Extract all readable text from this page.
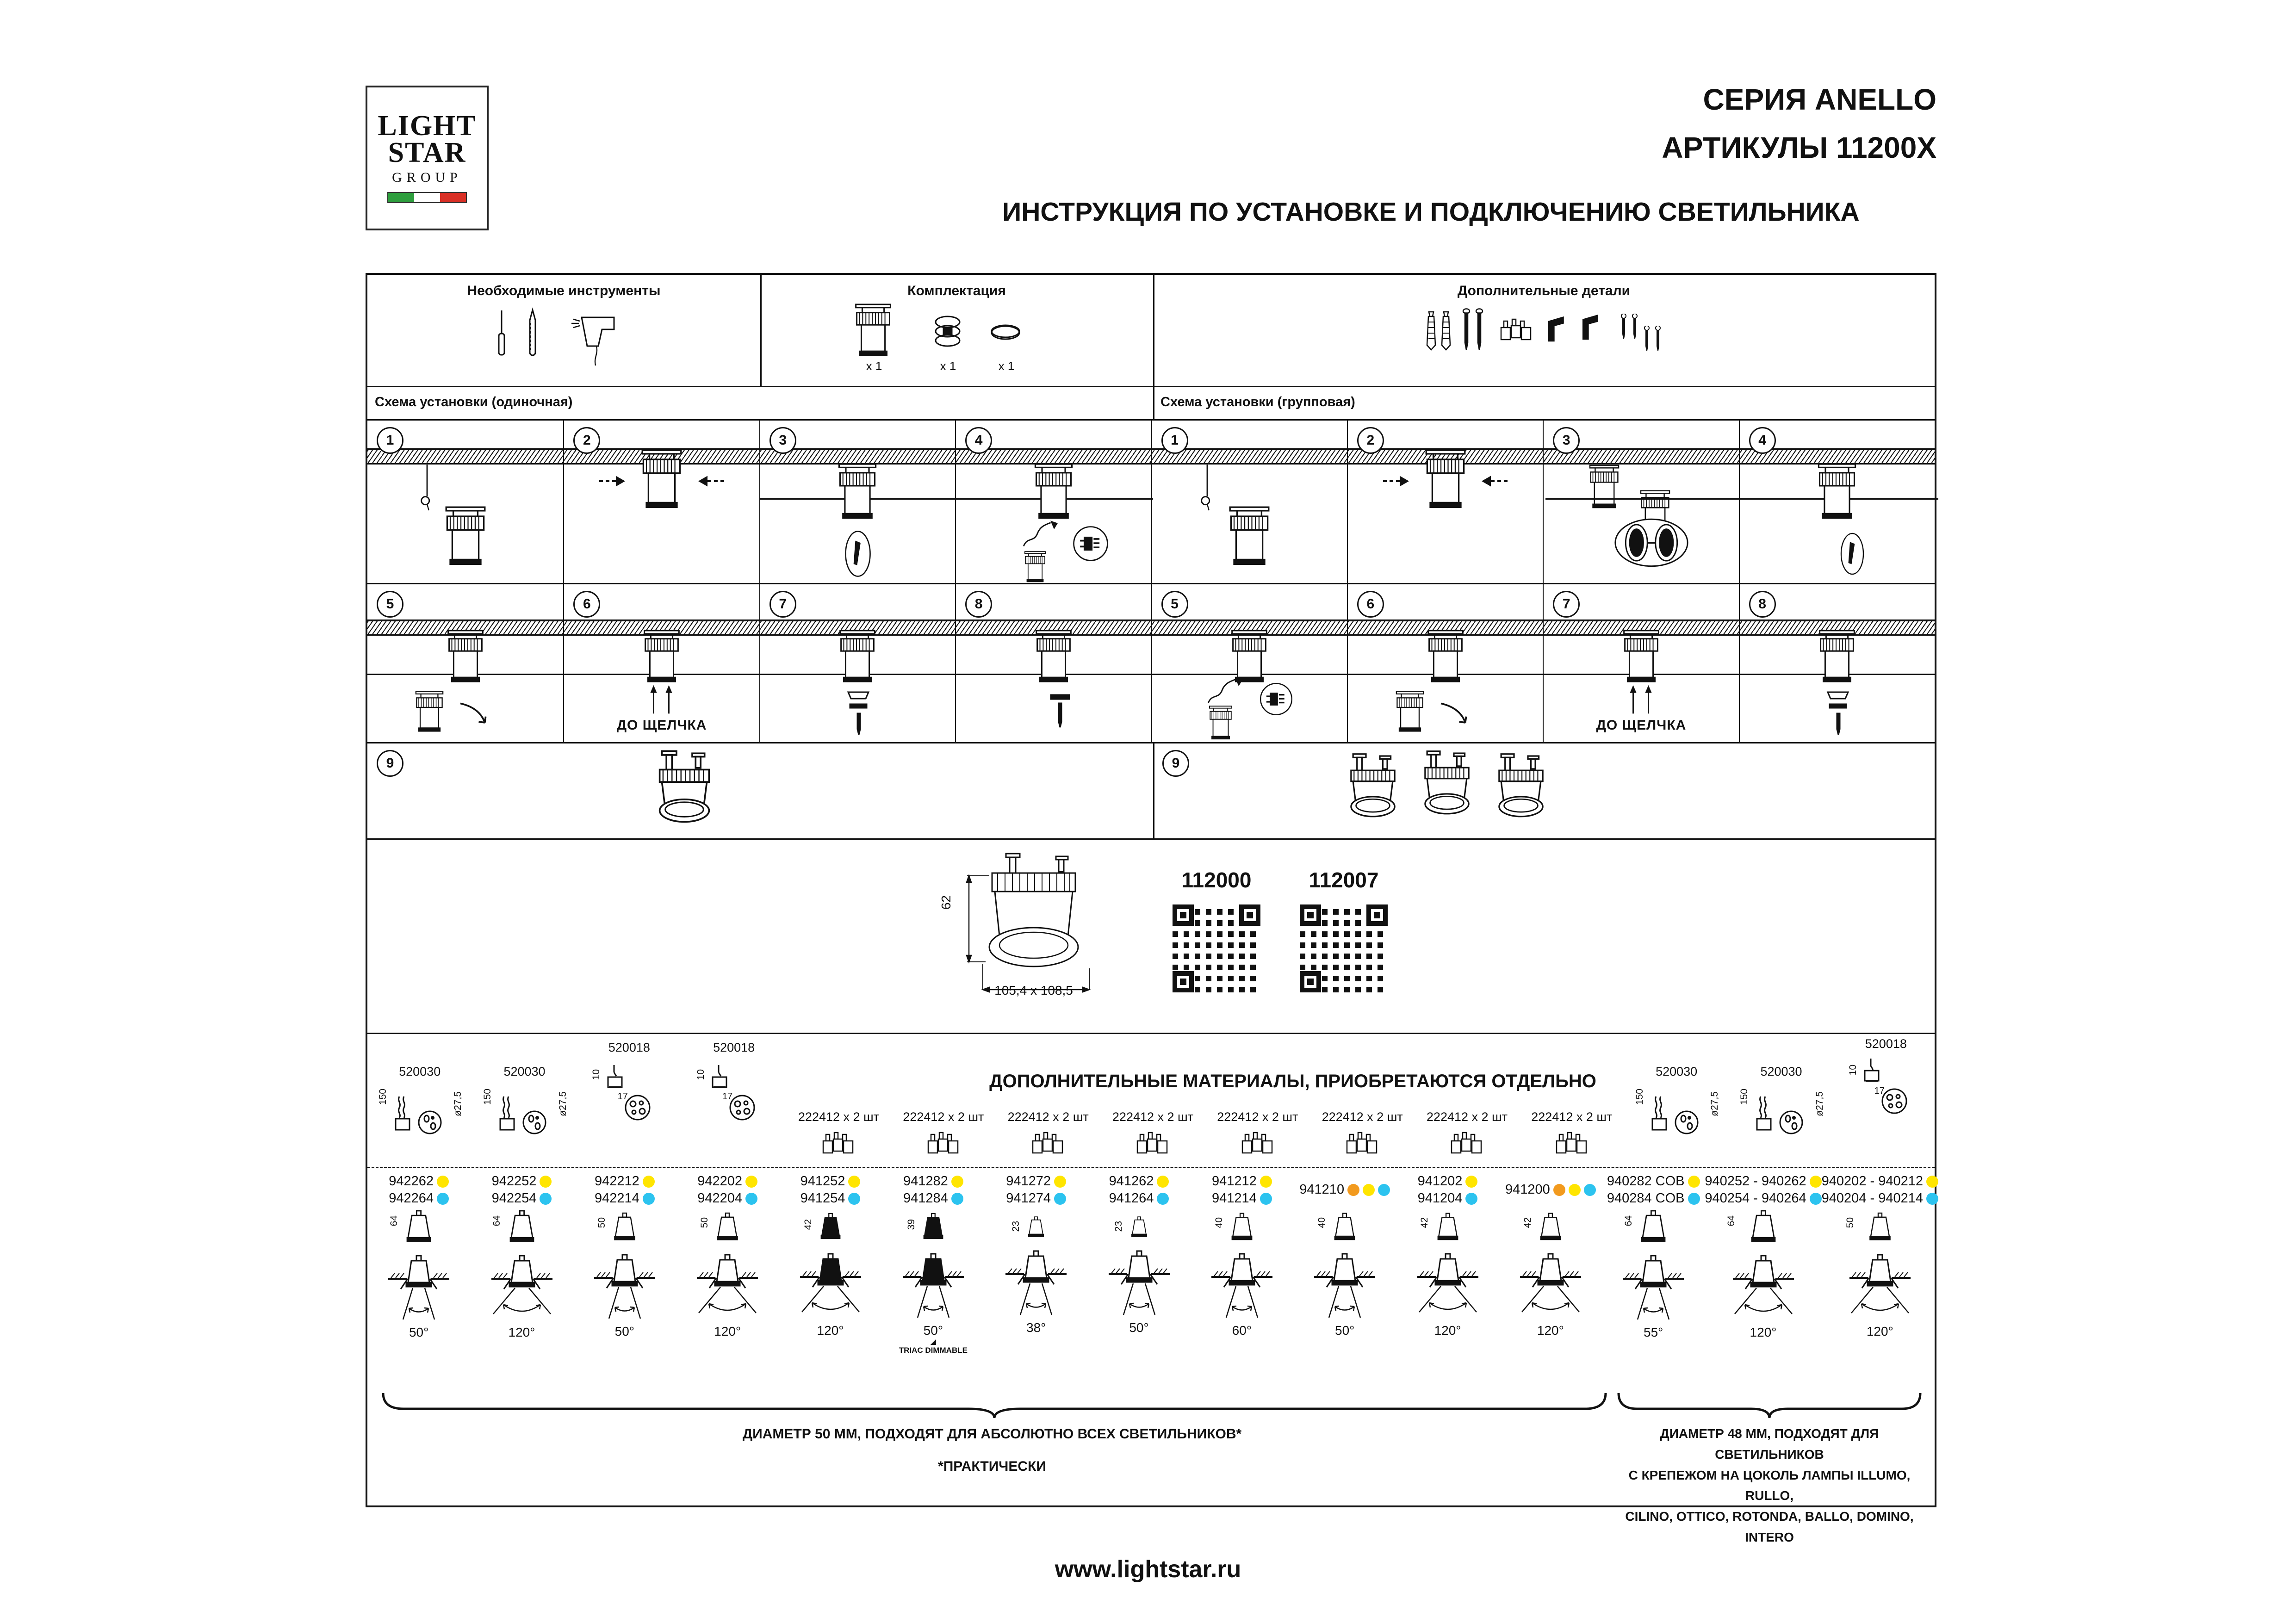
LIGHT
STAR
GROUP
СЕРИЯ ANELLO
АРТИКУЛЫ 11200X
ИНСТРУКЦИЯ ПО УСТАНОВКЕ И ПОДКЛЮЧЕНИЮ СВЕТИЛЬНИКА
Необходимые инструменты	Комплектация
x 1	x 1	x 1
Дополнительные детали
Схема установки (одиночная)	Схема установки (групповая)
1	2	3	4	1	2	3	4
5	6
ДО ЩЕЛЧКА
7	8	5	6	7
ДО ЩЕЛЧКА
8
9	9
62
105,4 x 108,5
112000	112007
ДОПОЛНИТЕЛЬНЫЕ МАТЕРИАЛЫ, ПРИОБРЕТАЮТСЯ ОТДЕЛЬНО
520030
150	ø27,5
520030
150	ø27,5
520018
10
17
520018
10
17
222412 x 2 шт	222412 x 2 шт	222412 x 2 шт	222412 x 2 шт	222412 x 2 шт	222412 x 2 шт	222412 x 2 шт	222412 x 2 шт
520030
150	ø27,5
520030
150	ø27,5
520018
10
17
942262
942264
64
50°
942252
942254
64
120°
942212
942214
50
50°
942202
942204
50
120°
941252
941254
42
120°
941282
941284
39
50°
◢
TRIAC DIMMABLE
941272
941274
23
38°
941262
941264
23
50°
941212
941214
40
60°
941210
40
50°
941202
941204
42
120°
941200
42
120°
940282 COB
940284 COB
64
55°
940252 - 940262
940254 - 940264
64
120°
940202 - 940212
940204 - 940214
50
120°
ДИАМЕТР 50 ММ, ПОДХОДЯТ ДЛЯ АБСОЛЮТНО ВСЕХ СВЕТИЛЬНИКОВ*
*ПРАКТИЧЕСКИ
ДИАМЕТР 48 ММ, ПОДХОДЯТ ДЛЯ СВЕТИЛЬНИКОВ
С КРЕПЕЖОМ НА ЦОКОЛЬ ЛАМПЫ ILLUMO, RULLO,
CILINO, OTTICO, ROTONDA, BALLO, DOMINO, INTERO
www.lightstar.ru
